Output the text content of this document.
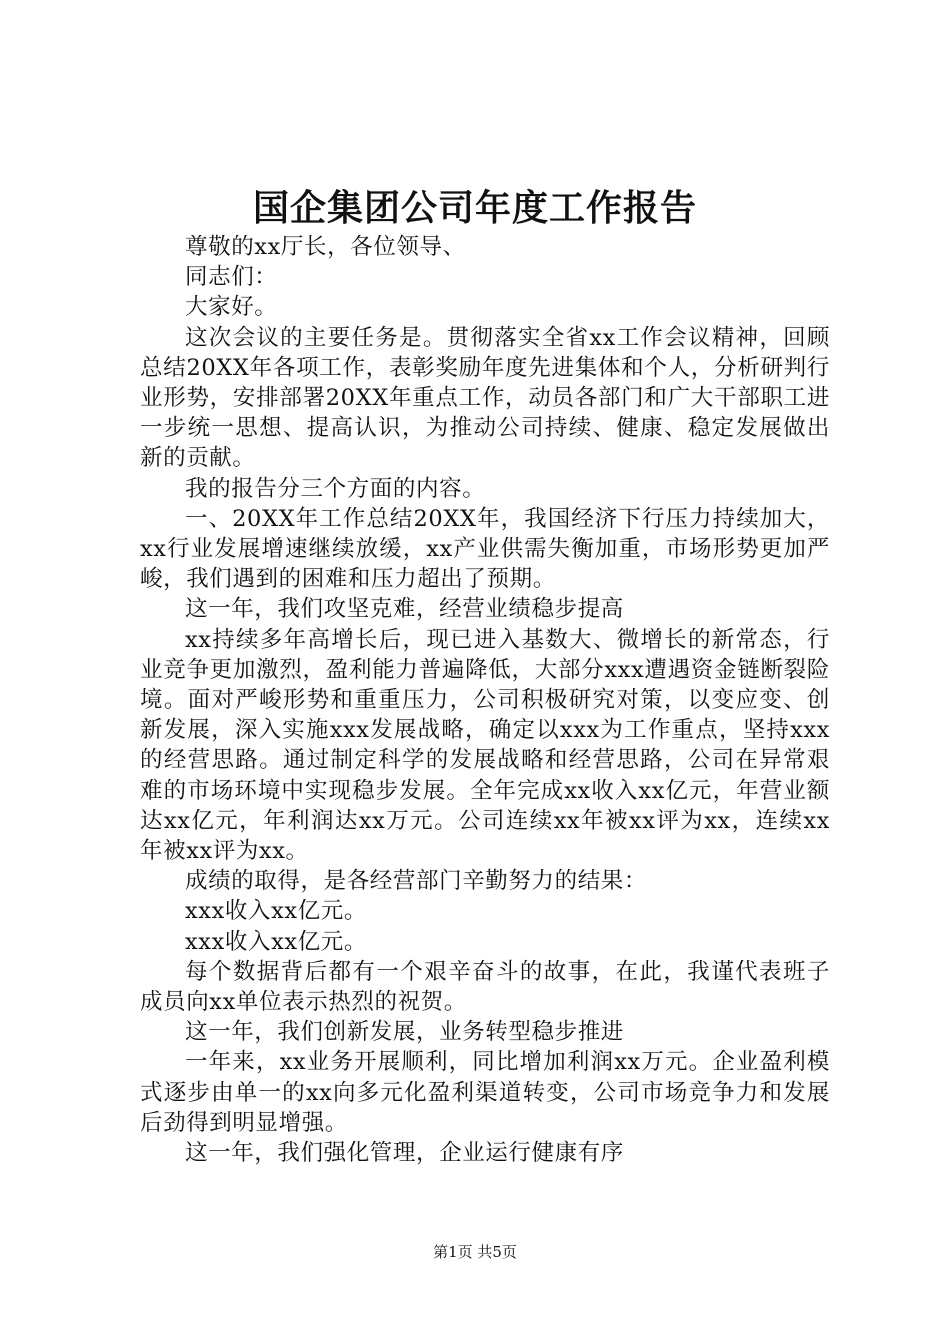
国企集团公司年度工作报告

尊敬的xx厅长，各位领导、

同志们：

大家好。

这次会议的主要任务是。贯彻落实全省xx工作会议精神，回顾总结20XX年各项工作，表彰奖励年度先进集体和个人，分析研判行业形势，安排部署20XX年重点工作，动员各部门和广大干部职工进一步统一思想、提高认识，为推动公司持续、健康、稳定发展做出新的贡献。

我的报告分三个方面的内容。

一、20XX年工作总结20XX年，我国经济下行压力持续加大，xx行业发展增速继续放缓，xx产业供需失衡加重，市场形势更加严峻，我们遇到的困难和压力超出了预期。

这一年，我们攻坚克难，经营业绩稳步提高

xx持续多年高增长后，现已进入基数大、微增长的新常态，行业竞争更加激烈，盈利能力普遍降低，大部分xxx遭遇资金链断裂险境。面对严峻形势和重重压力，公司积极研究对策，以变应变、创新发展，深入实施xxx发展战略，确定以xxx为工作重点，坚持xxx的经营思路。通过制定科学的发展战略和经营思路，公司在异常艰难的市场环境中实现稳步发展。全年完成xx收入xx亿元，年营业额达xx亿元，年利润达xx万元。公司连续xx年被xx评为xx，连续xx年被xx评为xx。

成绩的取得，是各经营部门辛勤努力的结果：

xxx收入xx亿元。

xxx收入xx亿元。

每个数据背后都有一个艰辛奋斗的故事，在此，我谨代表班子成员向xx单位表示热烈的祝贺。

这一年，我们创新发展，业务转型稳步推进

一年来，xx业务开展顺利，同比增加利润xx万元。企业盈利模式逐步由单一的xx向多元化盈利渠道转变，公司市场竞争力和发展后劲得到明显增强。

这一年，我们强化管理，企业运行健康有序

第1页 共5页
